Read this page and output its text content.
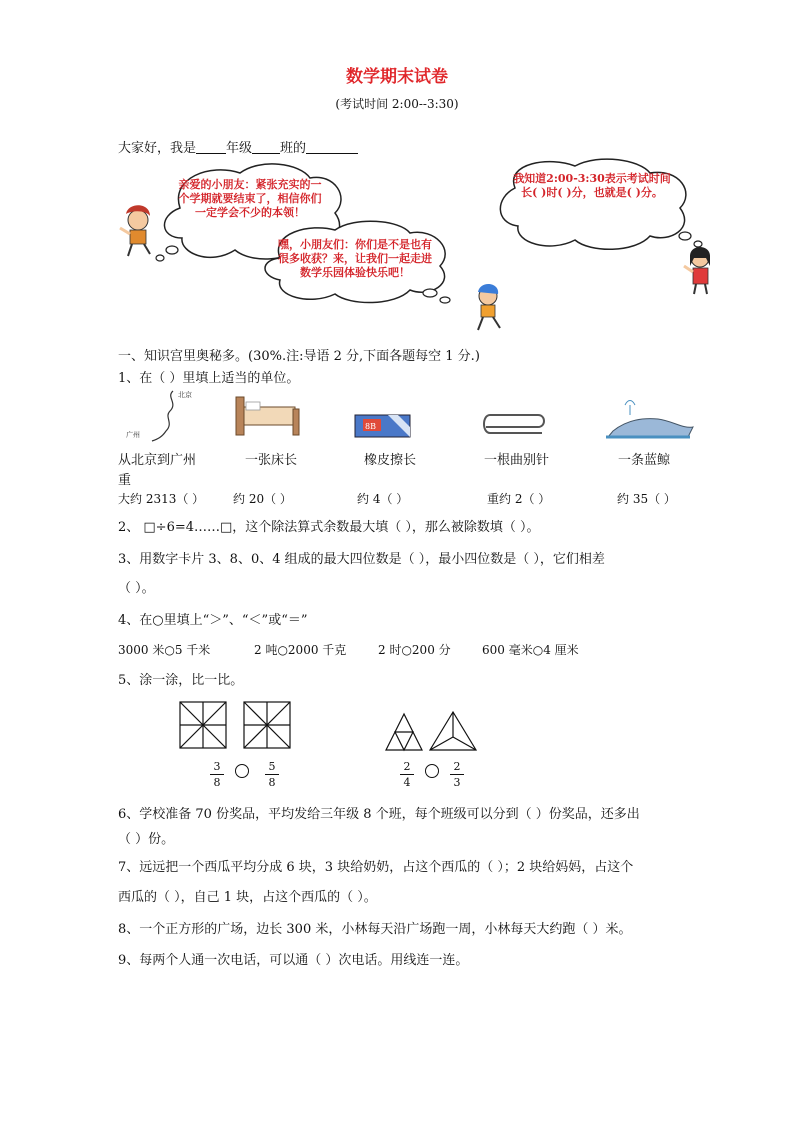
数学期末试卷
(考试时间 2:00--3:30)
大家好，我是 年级 班的
亲爱的小朋友：紧张充实的一个学期就要结束了，相信你们一定学会不少的本领！
我知道2:00-3:30表示考试时间长( )时( )分，也就是( )分。
嘿，小朋友们：你们是不是也有很多收获？来，让我们一起走进数学乐园体验快乐吧！
一、知识宫里奥秘多。(30%.注:导语 2 分,下面各题每空 1 分.)
1、在（ ）里填上适当的单位。
北京
广州
8B
从北京到广州	一张床长	橡皮擦长	一根曲别针	一条蓝鲸
重
大约 2313（ ） 约 20（ ）	约 4（ ）	重约 2（ ）	约 35（ ）
2、 □÷6=4……□，这个除法算式余数最大填（ ），那么被除数填（ ）。
3、用数字卡片 3、8、0、4 组成的最大四位数是（ ），最小四位数是（ ），它们相差
（ ）。
4、在○里填上“＞”、“＜”或“＝”
3000 米○5 千米	2 吨○2000 千克	2 时○200 分	600 毫米○4 厘米
5、涂一涂，比一比。
3
8
5
8
2
4
2
3
6、学校准备 70 份奖品，平均发给三年级 8 个班，每个班级可以分到（ ）份奖品，还多出
（ ）份。
7、远远把一个西瓜平均分成 6 块，3 块给奶奶，占这个西瓜的（ ）；2 块给妈妈，占这个
西瓜的（ ），自己 1 块，占这个西瓜的（ ）。
8、一个正方形的广场，边长 300 米，小林每天沿广场跑一周，小林每天大约跑（ ）米。
9、每两个人通一次电话，可以通（ ）次电话。用线连一连。
